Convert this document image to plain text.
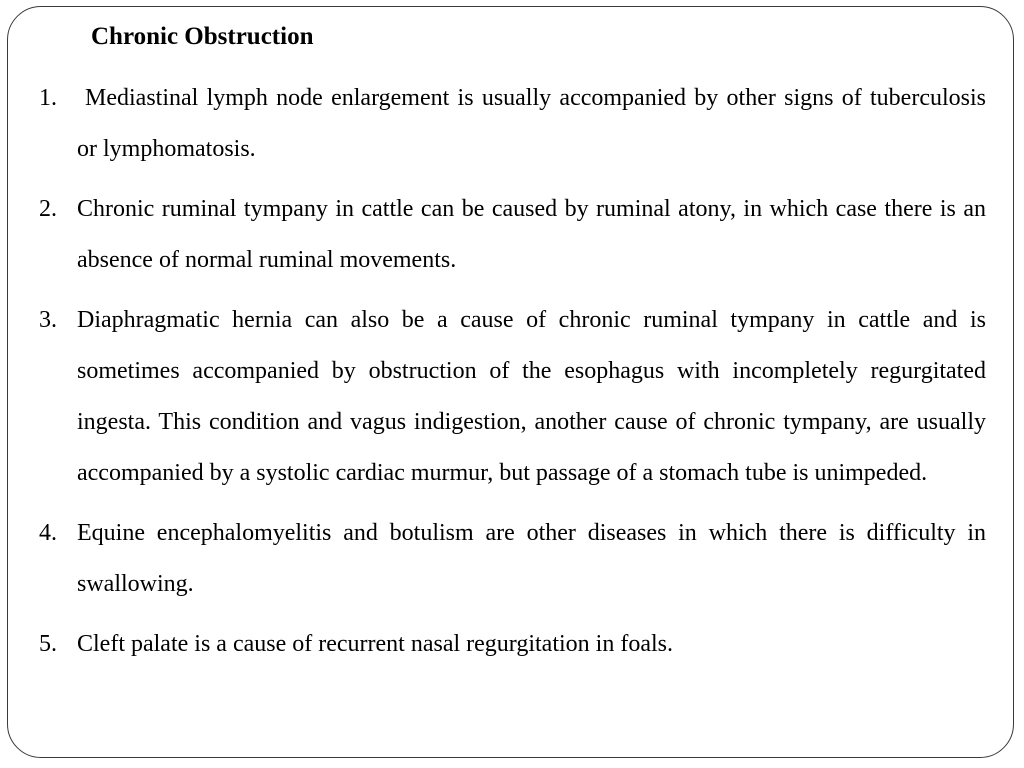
Chronic Obstruction
1.	Mediastinal lymph node enlargement is usually accompanied by other signs of tuberculosis or lymphomatosis.
2. Chronic ruminal tympany in cattle can be caused by ruminal atony, in which case there is an absence of normal ruminal movements.
3. Diaphragmatic hernia can also be a cause of chronic ruminal tympany in cattle and is sometimes accompanied by obstruction of the esophagus with incompletely regurgitated ingesta. This condition and vagus indigestion, another cause of chronic tympany, are usually accompanied by a systolic cardiac murmur, but passage of a stomach tube is unimpeded.
4. Equine encephalomyelitis and botulism are other diseases in which there is difficulty in swallowing.
5. Cleft palate is a cause of recurrent nasal regurgitation in foals.
